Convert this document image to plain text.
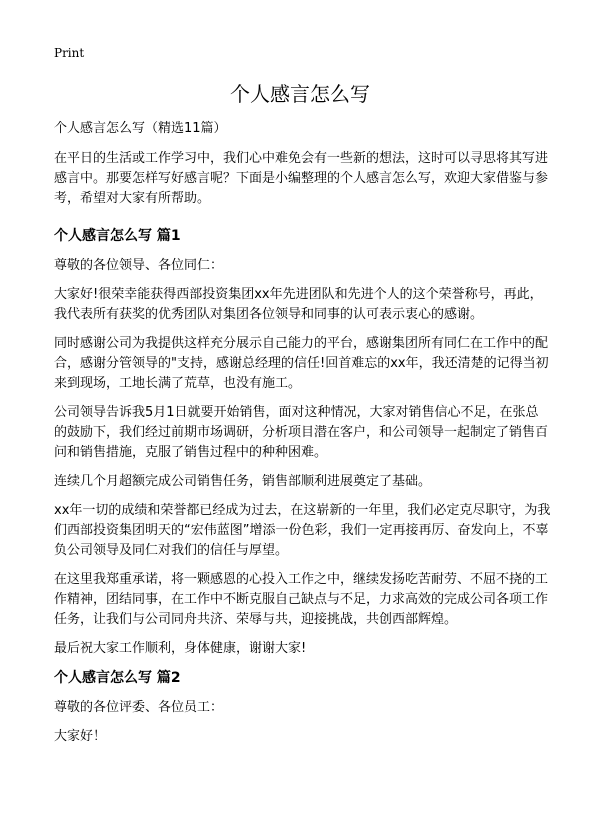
Print
个人感言怎么写

个人感言怎么写（精选11篇）

在平日的生活或工作学习中，我们心中难免会有一些新的想法，这时可以寻思将其写进感言中。那要怎样写好感言呢？下面是小编整理的个人感言怎么写，欢迎大家借鉴与参考，希望对大家有所帮助。

个人感言怎么写 篇1

尊敬的各位领导、各位同仁：

大家好!很荣幸能获得西部投资集团xx年先进团队和先进个人的这个荣誉称号，再此，我代表所有获奖的优秀团队对集团各位领导和同事的认可表示衷心的感谢。

同时感谢公司为我提供这样充分展示自己能力的平台，感谢集团所有同仁在工作中的配合，感谢分管领导的"支持，感谢总经理的信任!回首难忘的xx年，我还清楚的记得当初来到现场，工地长满了荒草，也没有施工。

公司领导告诉我5月1日就要开始销售，面对这种情况，大家对销售信心不足，在张总的鼓励下，我们经过前期市场调研，分析项目潜在客户，和公司领导一起制定了销售百问和销售措施，克服了销售过程中的种种困难。

连续几个月超额完成公司销售任务，销售部顺利进展奠定了基础。

xx年一切的成绩和荣誉都已经成为过去，在这崭新的一年里，我们必定克尽职守，为我们西部投资集团明天的“宏伟蓝图”增添一份色彩，我们一定再接再厉、奋发向上，不辜负公司领导及同仁对我们的信任与厚望。

在这里我郑重承诺，将一颗感恩的心投入工作之中，继续发扬吃苦耐劳、不屈不挠的工作精神，团结同事，在工作中不断克服自己缺点与不足，力求高效的完成公司各项工作任务，让我们与公司同舟共济、荣辱与共，迎接挑战，共创西部辉煌。

最后祝大家工作顺利，身体健康，谢谢大家!

个人感言怎么写 篇2

尊敬的各位评委、各位员工：

大家好！
